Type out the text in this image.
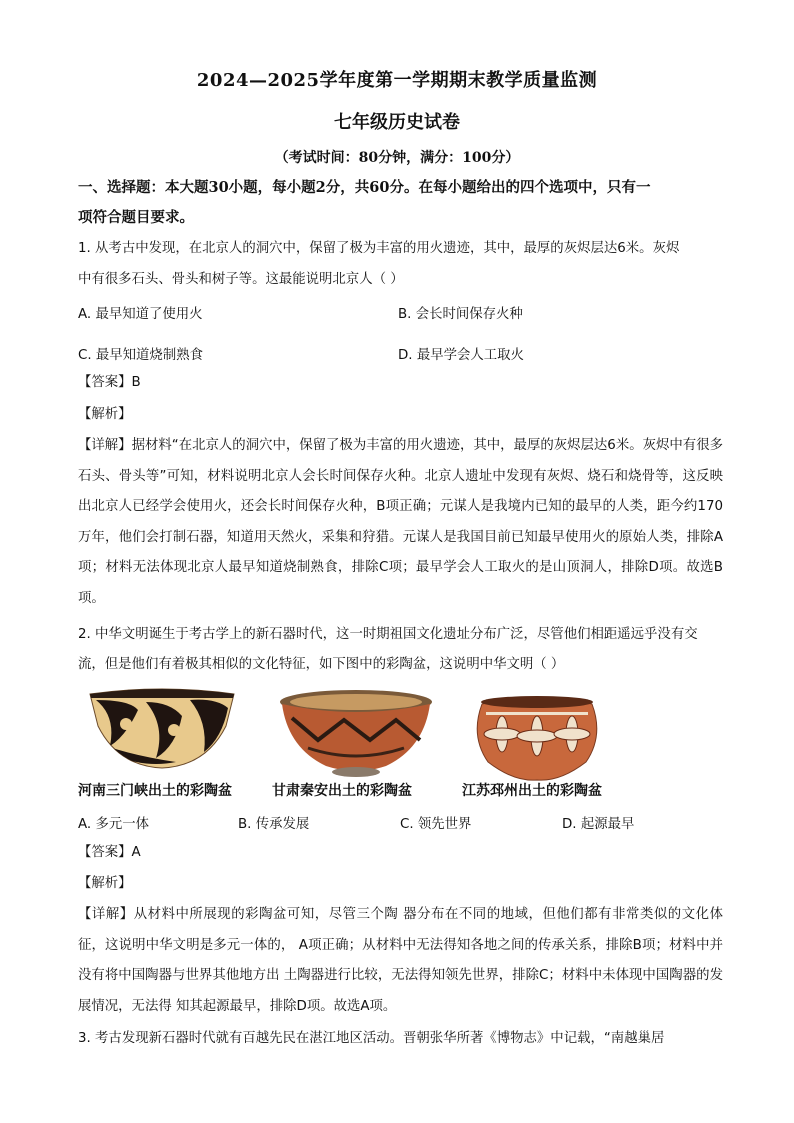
2024—2025学年度第一学期期末教学质量监测
七年级历史试卷
（考试时间：80分钟，满分：100分）
一、选择题：本大题30小题，每小题2分，共60分。在每小题给出的四个选项中，只有一
项符合题目要求。
1. 从考古中发现，在北京人的洞穴中，保留了极为丰富的用火遗迹，其中，最厚的灰烬层达6米。灰烬
中有很多石头、骨头和树子等。这最能说明北京人（ ）
A. 最早知道了使用火	B. 会长时间保存火种
C. 最早知道烧制熟食	D. 最早学会人工取火
【答案】B
【解析】
【详解】据材料“在北京人的洞穴中，保留了极为丰富的用火遗迹，其中，最厚的灰烬层达6米。灰烬中有很多石头、骨头等”可知，材料说明北京人会长时间保存火种。北京人遗址中发现有灰烬、烧石和烧骨等，这反映出北京人已经学会使用火，还会长时间保存火种，B项正确；元谋人是我境内已知的最早的人类，距今约170万年，他们会打制石器，知道用天然火，采集和狩猎。元谋人是我国目前已知最早使用火的原始人类，排除A项；材料无法体现北京人最早知道烧制熟食，排除C项；最早学会人工取火的是山顶洞人，排除D项。故选B项。
2. 中华文明诞生于考古学上的新石器时代，这一时期祖国文化遗址分布广泛，尽管他们相距遥远乎没有交
流，但是他们有着极其相似的文化特征，如下图中的彩陶盆，这说明中华文明（ ）
河南三门峡出土的彩陶盆	甘肃秦安出土的彩陶盆	江苏邳州出土的彩陶盆
A. 多元一体	B. 传承发展	C. 领先世界	D. 起源最早
【答案】A
【解析】
【详解】从材料中所展现的彩陶盆可知，尽管三个陶 器分布在不同的地域，但他们都有非常类似的文化体征，这说明中华文明是多元一体的， A项正确；从材料中无法得知各地之间的传承关系，排除B项；材料中并没有将中国陶器与世界其他地方出 土陶器进行比较，无法得知领先世界，排除C；材料中未体现中国陶器的发展情况，无法得 知其起源最早，排除D项。故选A项。
3. 考古发现新石器时代就有百越先民在湛江地区活动。晋朝张华所著《博物志》中记载，“南越巢居
